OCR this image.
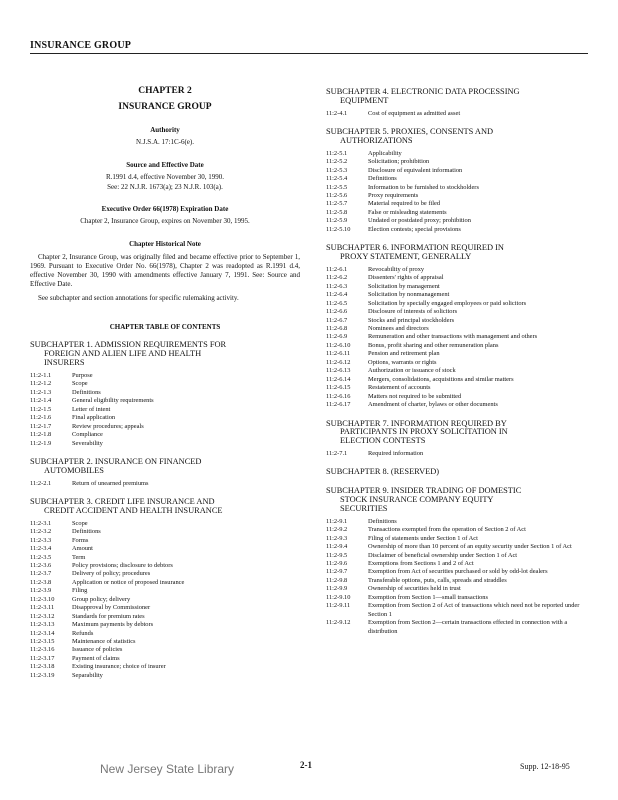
INSURANCE GROUP
CHAPTER 2
INSURANCE GROUP
Authority
N.J.S.A. 17:1C-6(e).
Source and Effective Date
R.1991 d.4, effective November 30, 1990.
See: 22 N.J.R. 1673(a); 23 N.J.R. 103(a).
Executive Order 66(1978) Expiration Date
Chapter 2, Insurance Group, expires on November 30, 1995.
Chapter Historical Note
Chapter 2, Insurance Group, was originally filed and became effective prior to September 1, 1969. Pursuant to Executive Order No. 66(1978), Chapter 2 was readopted as R.1991 d.4, effective November 30, 1990 with amendments effective January 7, 1991. See: Source and Effective Date.
See subchapter and section annotations for specific rulemaking activity.
CHAPTER TABLE OF CONTENTS
SUBCHAPTER 1. ADMISSION REQUIREMENTS FOR
FOREIGN AND ALIEN LIFE AND HEALTH
INSURERS
11:2-1.1	Purpose
11:2-1.2	Scope
11:2-1.3	Definitions
11:2-1.4	General eligibility requirements
11:2-1.5	Letter of intent
11:2-1.6	Final application
11:2-1.7	Review procedures; appeals
11:2-1.8	Compliance
11:2-1.9	Severability
SUBCHAPTER 2. INSURANCE ON FINANCED
AUTOMOBILES
11:2-2.1	Return of unearned premiums
SUBCHAPTER 3. CREDIT LIFE INSURANCE AND
CREDIT ACCIDENT AND HEALTH INSURANCE
11:2-3.1	Scope
11:2-3.2	Definitions
11:2-3.3	Forms
11:2-3.4	Amount
11:2-3.5	Term
11:2-3.6	Policy provisions; disclosure to debtors
11:2-3.7	Delivery of policy; procedures
11:2-3.8	Application or notice of proposed insurance
11:2-3.9	Filing
11:2-3.10	Group policy; delivery
11:2-3.11	Disapproval by Commissioner
11:2-3.12	Standards for premium rates
11:2-3.13	Maximum payments by debtors
11:2-3.14	Refunds
11:2-3.15	Maintenance of statistics
11:2-3.16	Issuance of policies
11:2-3.17	Payment of claims
11:2-3.18	Existing insurance; choice of insurer
11:2-3.19	Separability
SUBCHAPTER 4. ELECTRONIC DATA PROCESSING
EQUIPMENT
11:2-4.1	Cost of equipment as admitted asset
SUBCHAPTER 5. PROXIES, CONSENTS AND
AUTHORIZATIONS
11:2-5.1	Applicability
11:2-5.2	Solicitation; prohibition
11:2-5.3	Disclosure of equivalent information
11:2-5.4	Definitions
11:2-5.5	Information to be furnished to stockholders
11:2-5.6	Proxy requirements
11:2-5.7	Material required to be filed
11:2-5.8	False or misleading statements
11:2-5.9	Undated or postdated proxy; prohibition
11:2-5.10	Election contests; special provisions
SUBCHAPTER 6. INFORMATION REQUIRED IN
PROXY STATEMENT, GENERALLY
11:2-6.1	Revocability of proxy
11:2-6.2	Dissenters' rights of appraisal
11:2-6.3	Solicitation by management
11:2-6.4	Solicitation by nonmanagement
11:2-6.5	Solicitation by specially engaged employees or paid solicitors
11:2-6.6	Disclosure of interests of solicitors
11:2-6.7	Stocks and principal stockholders
11:2-6.8	Nominees and directors
11:2-6.9	Remuneration and other transactions with management and others
11:2-6.10	Bonus, profit sharing and other remuneration plans
11:2-6.11	Pension and retirement plan
11:2-6.12	Options, warrants or rights
11:2-6.13	Authorization or issuance of stock
11:2-6.14	Mergers, consolidations, acquisitions and similar matters
11:2-6.15	Restatement of accounts
11:2-6.16	Matters not required to be submitted
11:2-6.17	Amendment of charter, bylaws or other documents
SUBCHAPTER 7. INFORMATION REQUIRED BY
PARTICIPANTS IN PROXY SOLICITATION IN
ELECTION CONTESTS
11:2-7.1	Required information
SUBCHAPTER 8. (RESERVED)
SUBCHAPTER 9. INSIDER TRADING OF DOMESTIC
STOCK INSURANCE COMPANY EQUITY
SECURITIES
11:2-9.1	Definitions
11:2-9.2	Transactions exempted from the operation of Section 2 of Act
11:2-9.3	Filing of statements under Section 1 of Act
11:2-9.4	Ownership of more than 10 percent of an equity security under Section 1 of Act
11:2-9.5	Disclaimer of beneficial ownership under Section 1 of Act
11:2-9.6	Exemptions from Sections 1 and 2 of Act
11:2-9.7	Exemption from Act of securities purchased or sold by odd-lot dealers
11:2-9.8	Transferable options, puts, calls, spreads and straddles
11:2-9.9	Ownership of securities held in trust
11:2-9.10	Exemption from Section 1—small transactions
11:2-9.11	Exemption from Section 2 of Act of transactions which need not be reported under Section 1
11:2-9.12	Exemption from Section 2—certain transactions effected in connection with a distribution
New Jersey State Library	2-1	Supp. 12-18-95
